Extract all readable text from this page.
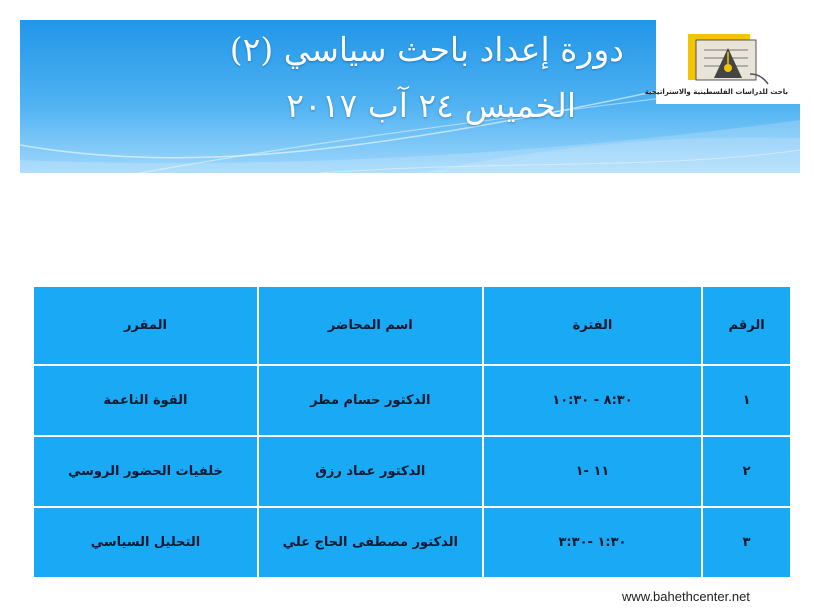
باحث للدراسات الفلسطينية والاستراتيجية
دورة إعداد باحث سياسي (٢)
الخميس ٢٤ آب ٢٠١٧
الرقم	الفترة	اسم المحاضر	المقرر
١	٨:٣٠ - ١٠:٣٠	الدكتور حسام مطر	القوة الناعمة
٢	١١ -١	الدكتور عماد رزق	خلفيات الحضور الروسي
٣	١:٣٠ -٣:٣٠	الدكتور مصطفى الحاج علي	التحليل السياسي
www.bahethcenter.net
